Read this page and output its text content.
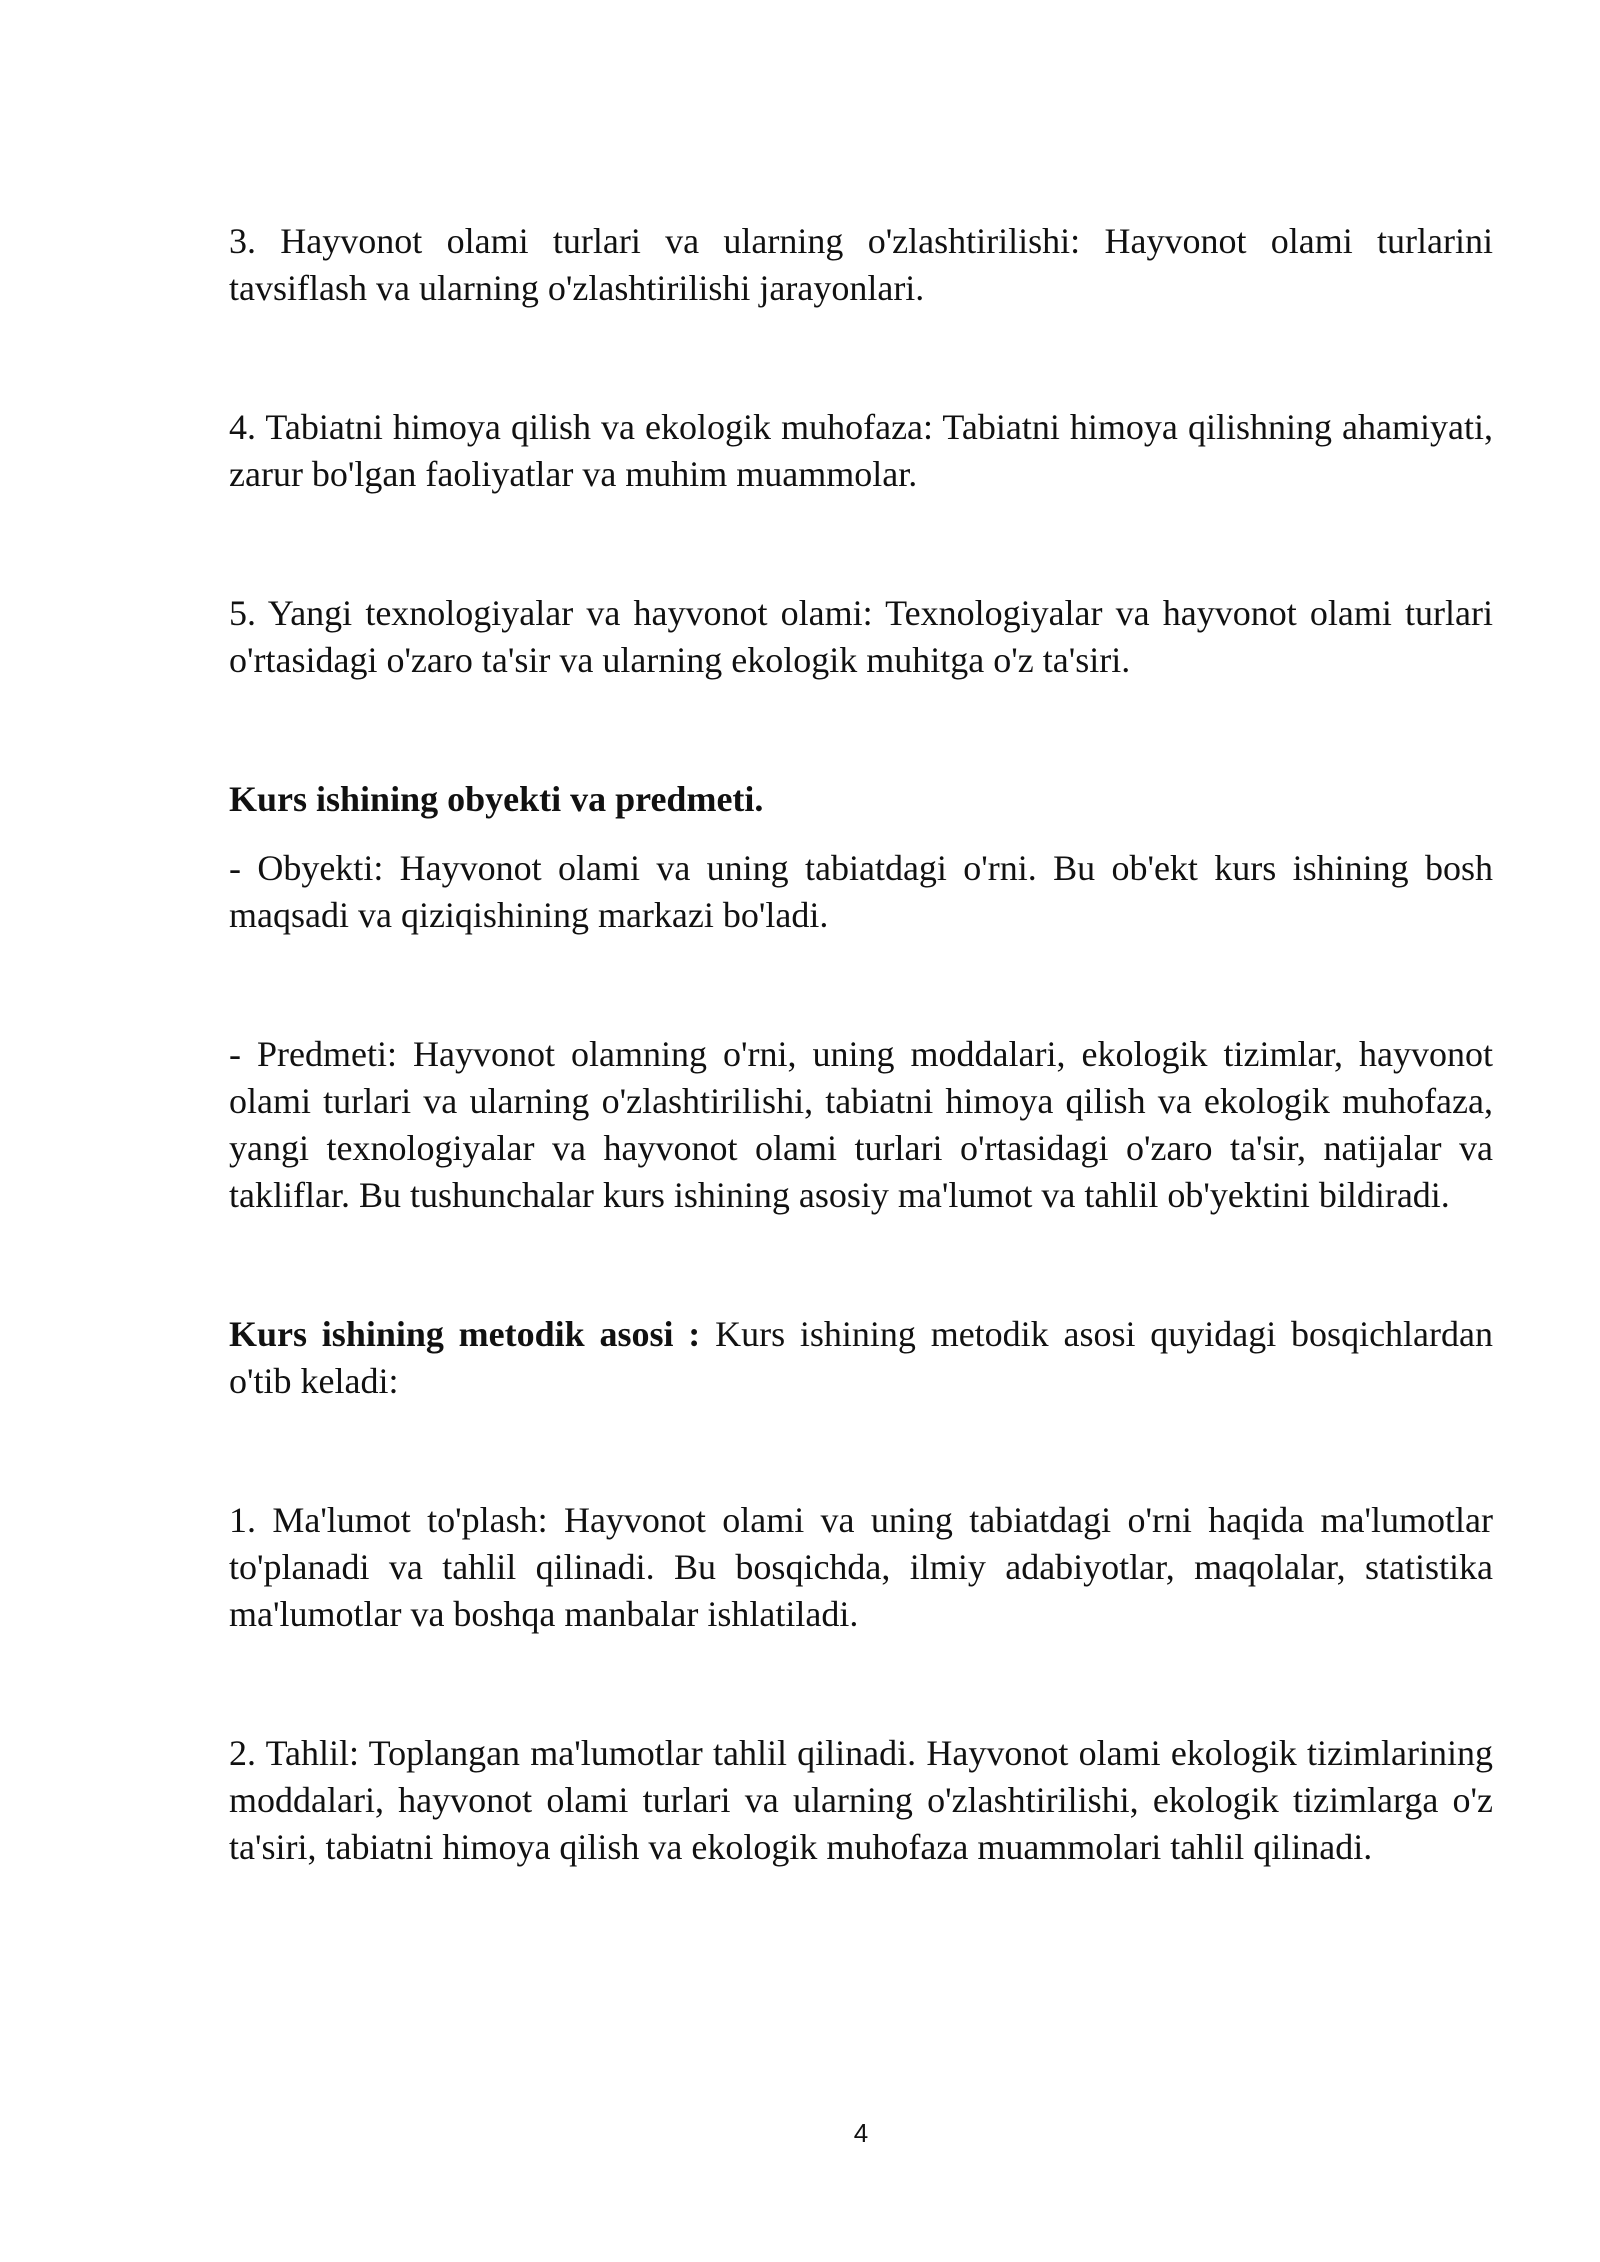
3. Hayvonot olami turlari va ularning o'zlashtirilishi: Hayvonot olami turlarini tavsiflash va ularning o'zlashtirilishi jarayonlari.

4. Tabiatni himoya qilish va ekologik muhofaza: Tabiatni himoya qilishning ahamiyati, zarur bo'lgan faoliyatlar va muhim muammolar.

5. Yangi texnologiyalar va hayvonot olami: Texnologiyalar va hayvonot olami turlari o'rtasidagi o'zaro ta'sir va ularning ekologik muhitga o'z ta'siri.

Kurs ishining obyekti va predmeti.

- Obyekti: Hayvonot olami va uning tabiatdagi o'rni. Bu ob'ekt kurs ishining bosh maqsadi va qiziqishining markazi bo'ladi.

- Predmeti: Hayvonot olamning o'rni, uning moddalari, ekologik tizimlar, hayvonot olami turlari va ularning o'zlashtirilishi, tabiatni himoya qilish va ekologik muhofaza, yangi texnologiyalar va hayvonot olami turlari o'rtasidagi o'zaro ta'sir, natijalar va takliflar. Bu tushunchalar kurs ishining asosiy ma'lumot va tahlil ob'yektini bildiradi.

Kurs ishining metodik asosi : Kurs ishining metodik asosi quyidagi bosqichlardan o'tib keladi:

1. Ma'lumot to'plash: Hayvonot olami va uning tabiatdagi o'rni haqida ma'lumotlar to'planadi va tahlil qilinadi. Bu bosqichda, ilmiy adabiyotlar, maqolalar, statistika ma'lumotlar va boshqa manbalar ishlatiladi.

2. Tahlil: Toplangan ma'lumotlar tahlil qilinadi. Hayvonot olami ekologik tizimlarining moddalari, hayvonot olami turlari va ularning o'zlashtirilishi, ekologik tizimlarga o'z ta'siri, tabiatni himoya qilish va ekologik muhofaza muammolari tahlil qilinadi.

4
